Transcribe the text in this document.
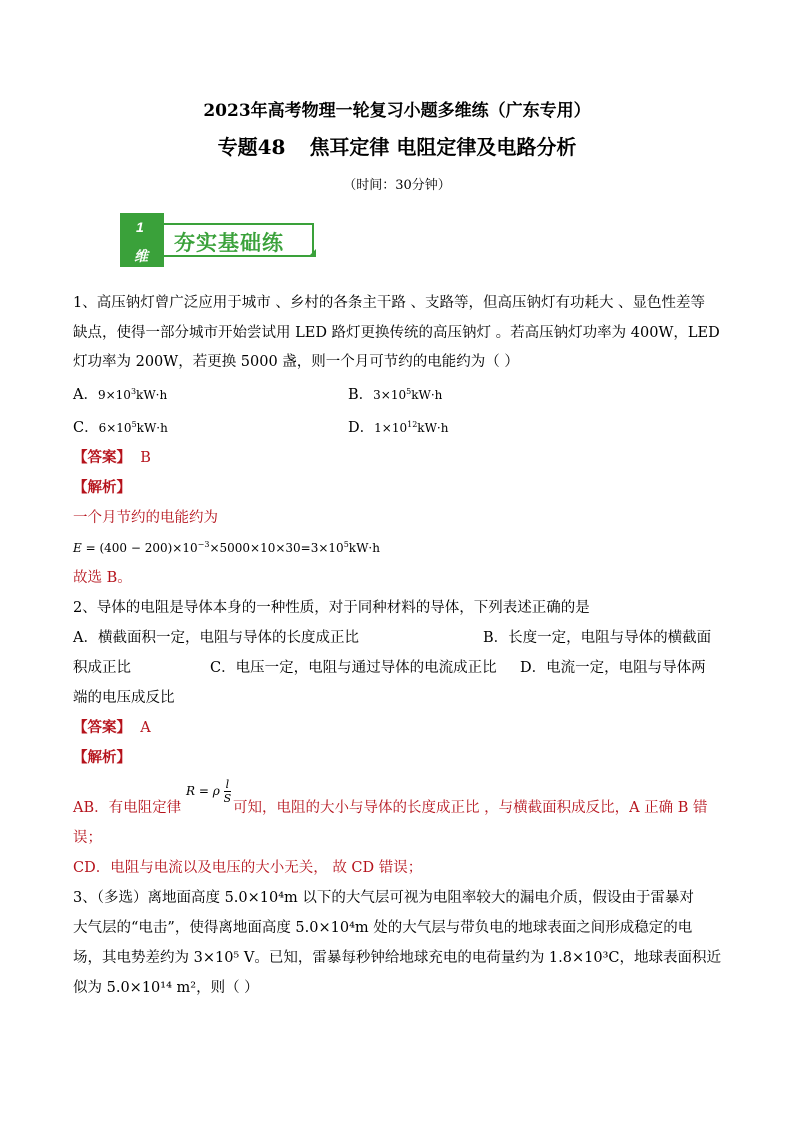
2023年高考物理一轮复习小题多维练（广东专用）
专题48 焦耳定律 电阻定律及电路分析
（时间：30分钟）
1
维
夯实基础练

1、高压钠灯曾广泛应用于城市 、乡村的各条主干路 、支路等，但高压钠灯有功耗大 、显色性差等

缺点，使得一部分城市开始尝试用 LED 路灯更换传统的高压钠灯 。若高压钠灯功率为 400W，LED

灯功率为 200W，若更换 5000 盏，则一个月可节约的电能约为（ ）

A．$9\times 10^3kW\cdot h$	B．$3\times 10^5kW\cdot h$

C．$6\times 10^5kW\cdot h$	D．$1\times 10^{12}kW\cdot h$

【答案】 B

【解析】

一个月节约的电能约为

$E = (400 - 200)\times 10^{-3}\times 5000\times 10\times 30=3\times 10^5kW\cdot h$

故选 B。

2、导体的电阻是导体本身的一种性质，对于同种材料的导体，下列表述正确的是

A．横截面积一定，电阻与导体的长度成正比	B．长度一定，电阻与导体的横截面

积成正比	C．电压一定，电阻与通过导体的电流成正比 D．电流一定，电阻与导体两

端的电压成反比

【答案】 A

【解析】

R = ρ $\frac{l}{S}$

AB．有电阻定律	可知，电阻的大小与导体的长度成正比 ，与横截面积成反比，A 正确 B 错

误；

CD．电阻与电流以及电压的大小无关， 故 CD 错误；

3、（多选）离地面高度 5.0×10⁴m 以下的大气层可视为电阻率较大的漏电介质，假设由于雷暴对

大气层的“电击”，使得离地面高度 5.0×10⁴m 处的大气层与带负电的地球表面之间形成稳定的电

场，其电势差约为 3×10⁵ V。已知，雷暴每秒钟给地球充电的电荷量约为 1.8×10³C，地球表面积近

似为 5.0×10¹⁴ m²，则（ ）
